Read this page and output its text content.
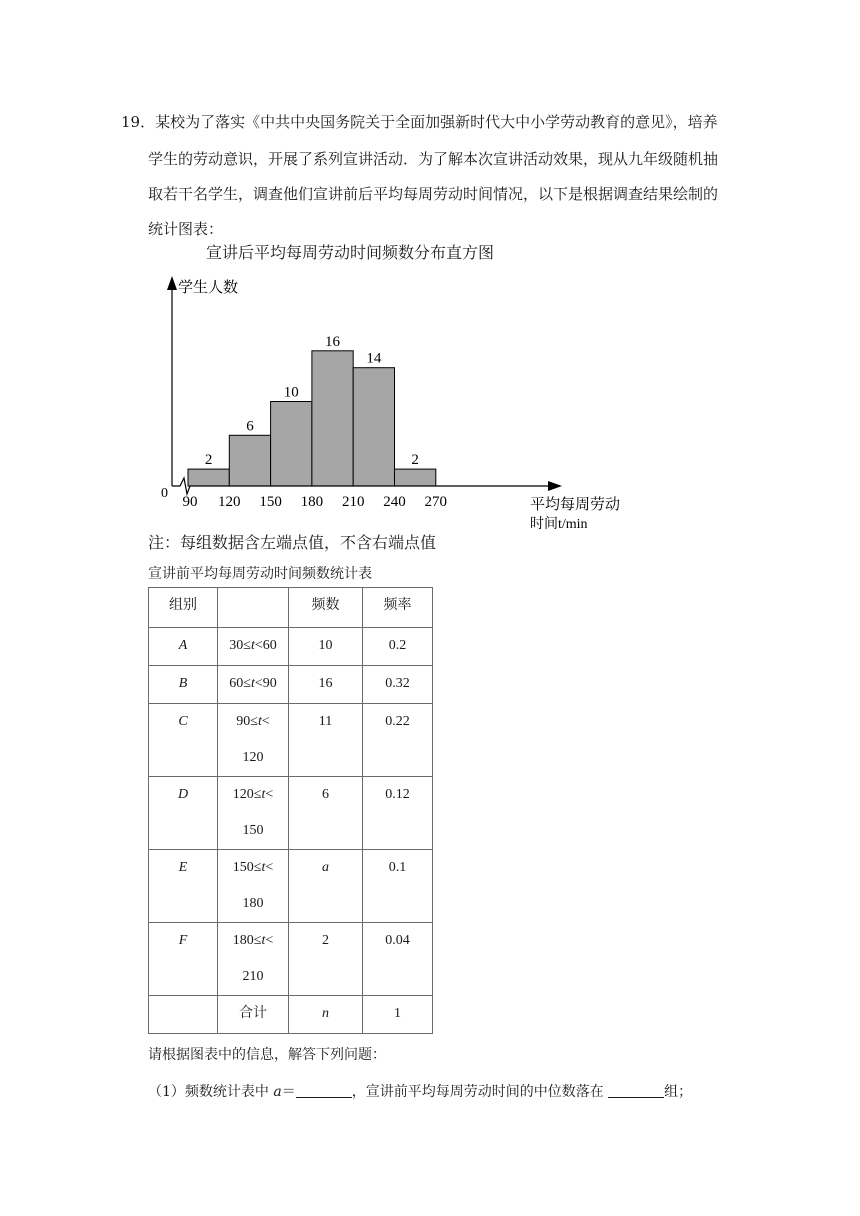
19．某校为了落实《中共中央国务院关于全面加强新时代大中小学劳动教育的意见》，培养
学生的劳动意识，开展了系列宣讲活动．为了解本次宣讲活动效果，现从九年级随机抽
取若干名学生，调查他们宣讲前后平均每周劳动时间情况，以下是根据调查结果绘制的
统计图表：
宣讲后平均每周劳动时间频数分布直方图
2
6
10
16
14
2
90 120 150 180 210 240 270
学生人数
0
平均每周劳动
时间t/min
注：每组数据含左端点值，不含右端点值
宣讲前平均每周劳动时间频数统计表
组别		频数	频率
A	30≤t<60	10	0.2
B	60≤t<90	16	0.32
C	90≤t<
120	11	0.22
D	120≤t<
150	6	0.12
E	150≤t<
180	a	0.1
F	180≤t<
210	2	0.04
	合计	n	1
请根据图表中的信息，解答下列问题：
（1）频数统计表中 a＝	，宣讲前平均每周劳动时间的中位数落在	组；
